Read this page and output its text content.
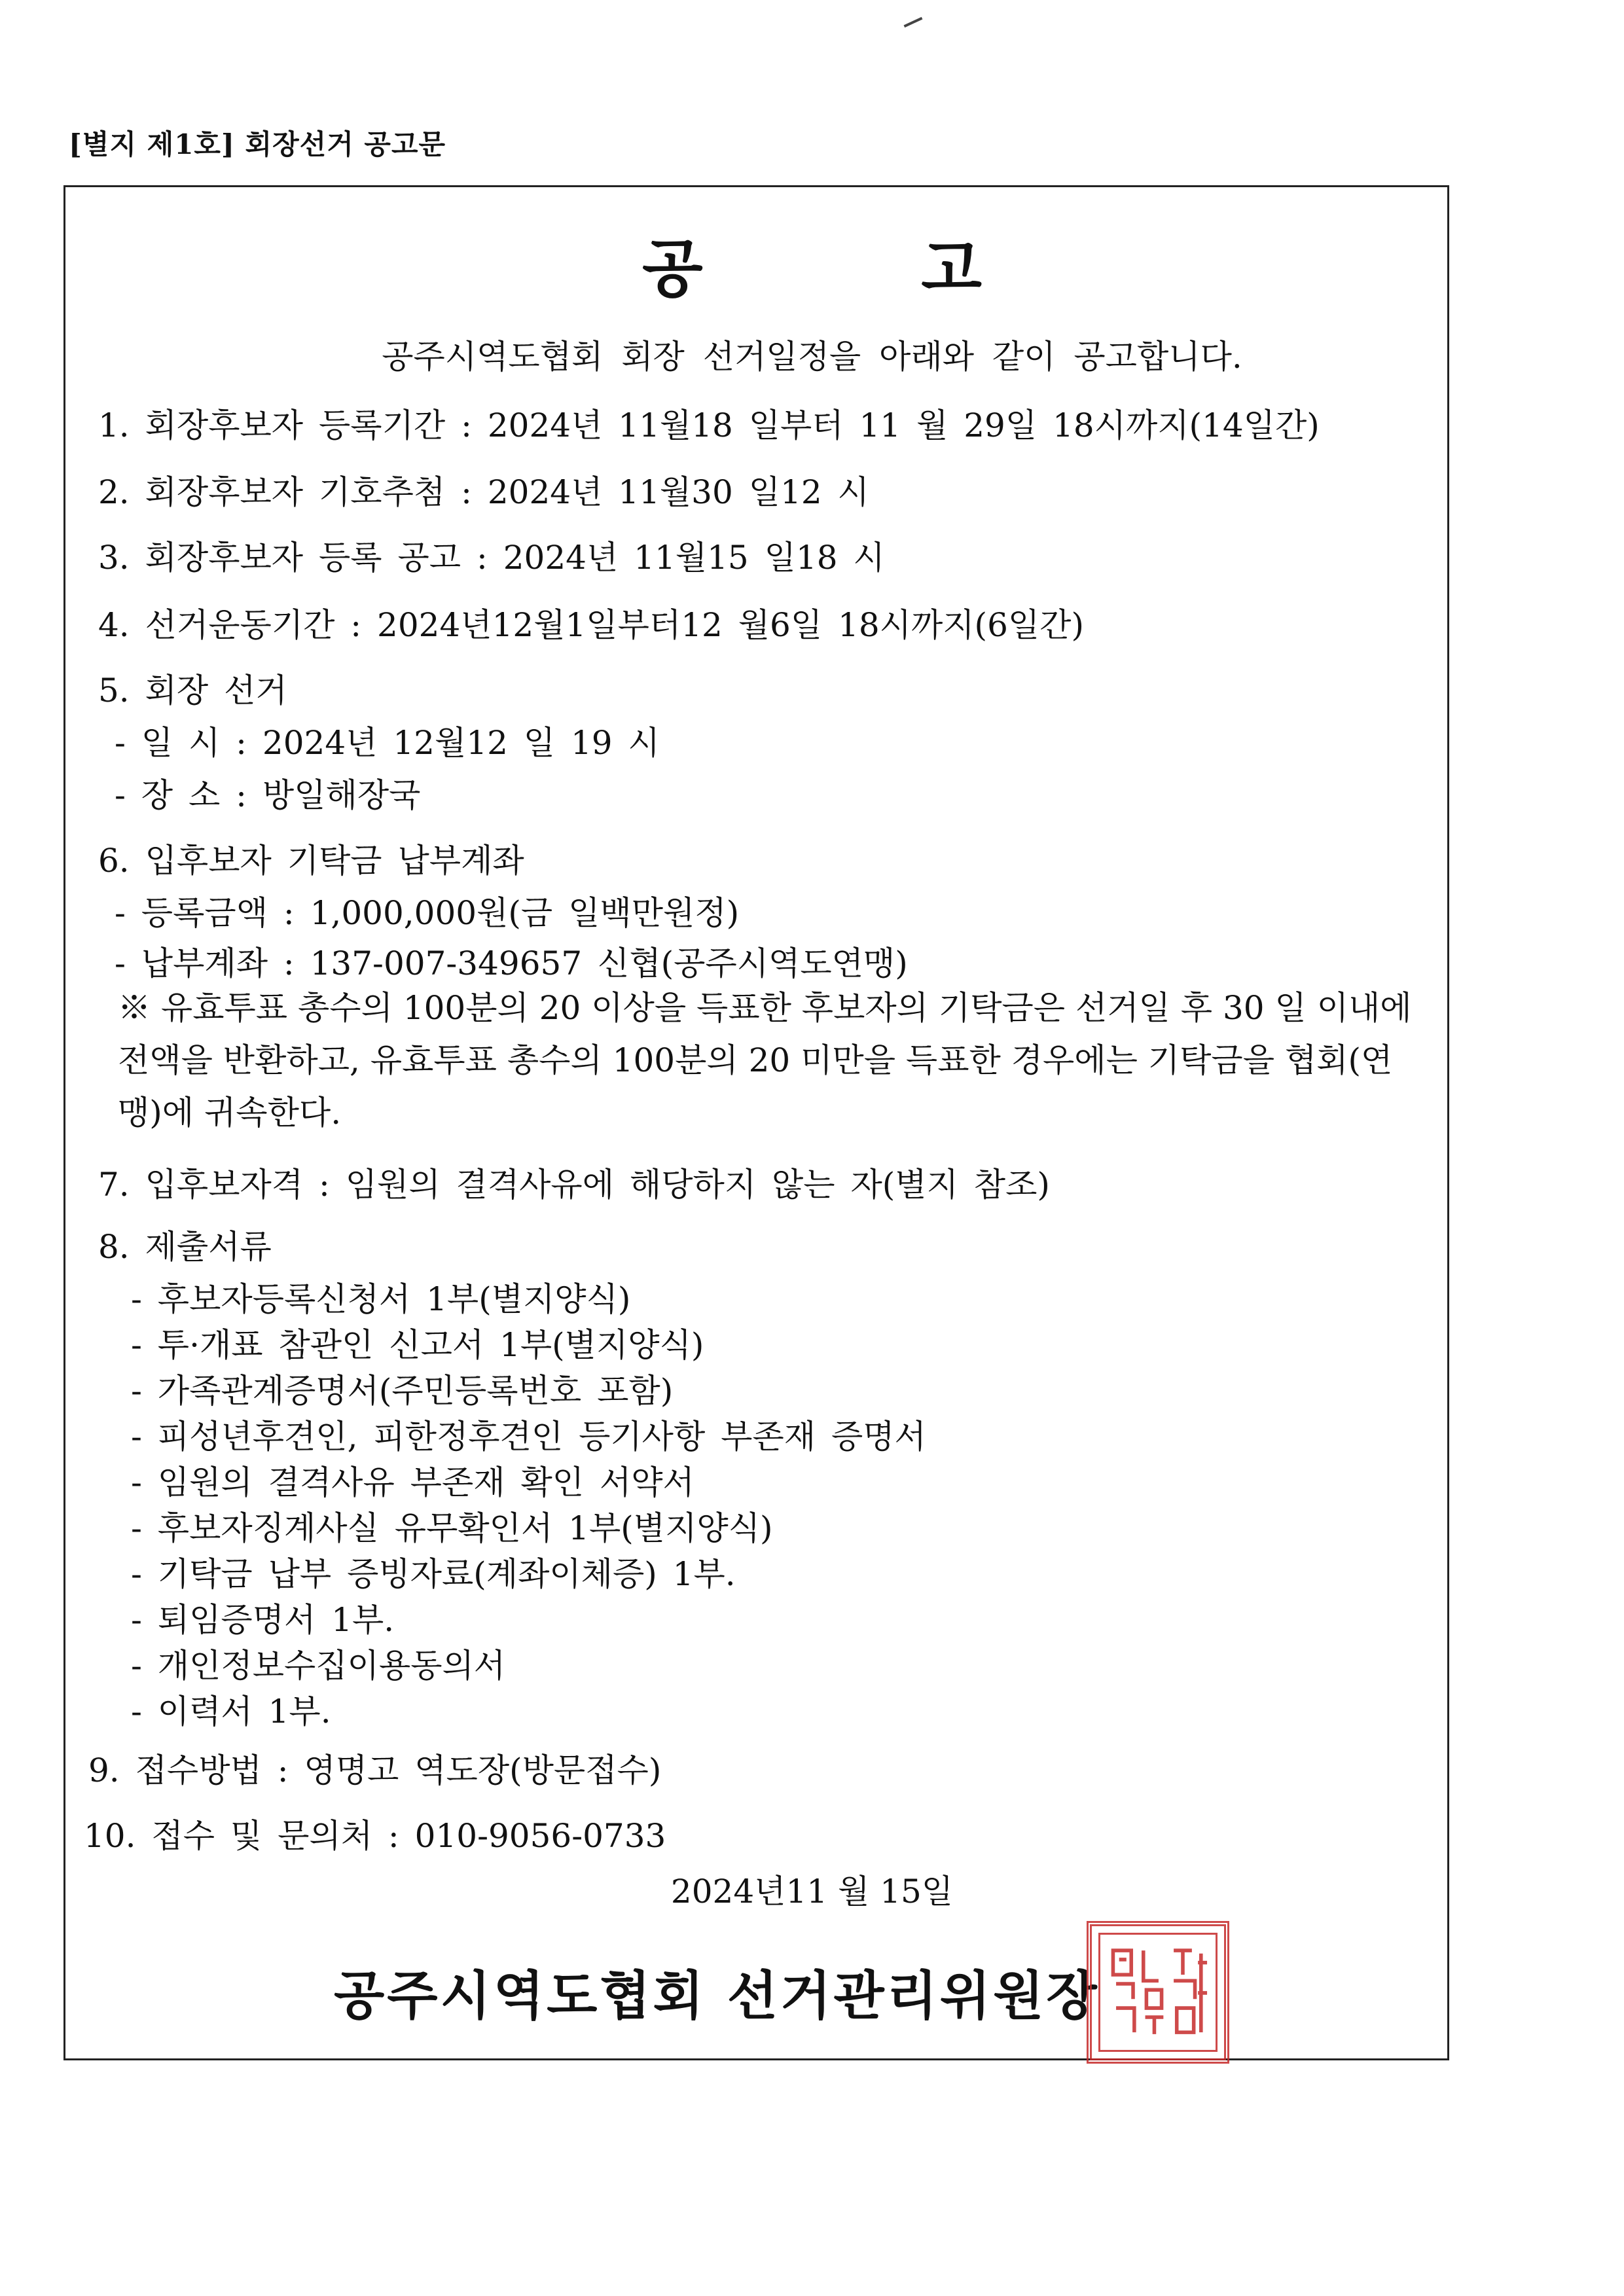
[별지 제1호] 회장선거 공고문
공 고
공주시역도협회 회장 선거일정을 아래와 같이 공고합니다.
1. 회장후보자 등록기간 : 2024년 11월18 일부터 11 월 29일 18시까지(14일간)
2. 회장후보자 기호추첨 : 2024년 11월30 일12 시
3. 회장후보자 등록 공고 : 2024년 11월15 일18 시
4. 선거운동기간 : 2024년12월1일부터12 월6일 18시까지(6일간)
5. 회장 선거
- 일 시 : 2024년 12월12 일 19 시
- 장 소 : 방일해장국
6. 입후보자 기탁금 납부계좌
- 등록금액 : 1,000,000원(금 일백만원정)
- 납부계좌 : 137-007-349657 신협(공주시역도연맹)
※ 유효투표 총수의 100분의 20 이상을 득표한 후보자의 기탁금은 선거일 후 30 일 이내에 전액을 반환하고, 유효투표 총수의 100분의 20 미만을 득표한 경우에는 기탁금을 협회(연맹)에 귀속한다.
7. 입후보자격 : 임원의 결격사유에 해당하지 않는 자(별지 참조)
8. 제출서류
- 후보자등록신청서 1부(별지양식)
- 투·개표 참관인 신고서 1부(별지양식)
- 가족관계증명서(주민등록번호 포함)
- 피성년후견인, 피한정후견인 등기사항 부존재 증명서
- 임원의 결격사유 부존재 확인 서약서
- 후보자징계사실 유무확인서 1부(별지양식)
- 기탁금 납부 증빙자료(계좌이체증) 1부.
- 퇴임증명서 1부.
- 개인정보수집이용동의서
- 이력서 1부.
9. 접수방법 : 영명고 역도장(방문접수)
10. 접수 및 문의처 : 010-9056-0733
2024년11 월 15일
공주시역도협회 선거관리위원장
